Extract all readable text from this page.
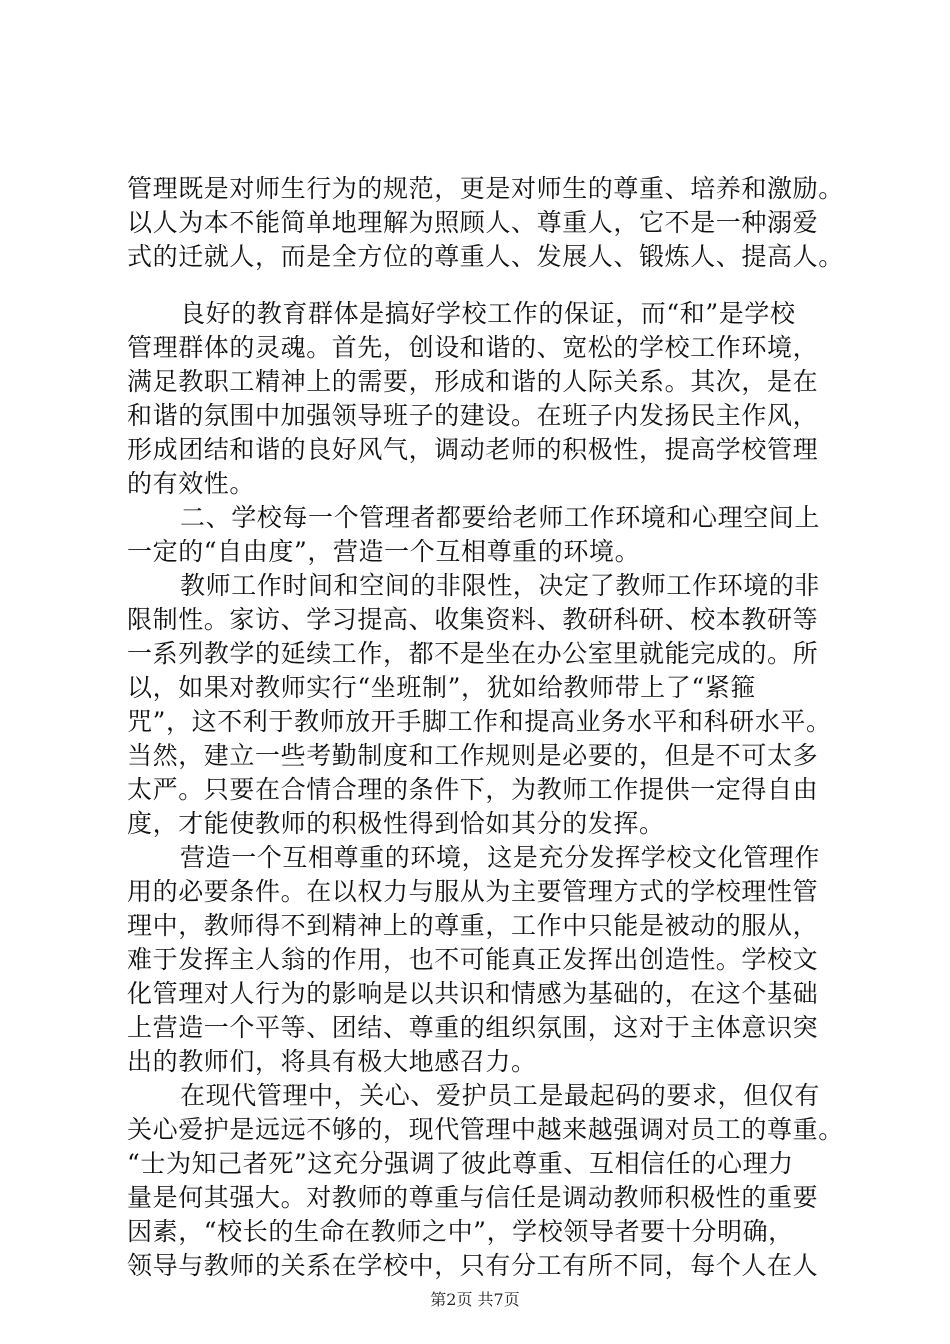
管理既是对师生行为的规范，更是对师生的尊重、培养和激励。
以人为本不能简单地理解为照顾人、尊重人，它不是一种溺爱
式的迁就人，而是全方位的尊重人、发展人、锻炼人、提高人。
良好的教育群体是搞好学校工作的保证，而“和”是学校
管理群体的灵魂。首先，创设和谐的、宽松的学校工作环境，
满足教职工精神上的需要，形成和谐的人际关系。其次，是在
和谐的氛围中加强领导班子的建设。在班子内发扬民主作风，
形成团结和谐的良好风气，调动老师的积极性，提高学校管理
的有效性。
二、学校每一个管理者都要给老师工作环境和心理空间上
一定的“自由度”，营造一个互相尊重的环境。
教师工作时间和空间的非限性，决定了教师工作环境的非
限制性。家访、学习提高、收集资料、教研科研、校本教研等
一系列教学的延续工作，都不是坐在办公室里就能完成的。所
以，如果对教师实行“坐班制”，犹如给教师带上了“紧箍
咒”，这不利于教师放开手脚工作和提高业务水平和科研水平。
当然，建立一些考勤制度和工作规则是必要的，但是不可太多
太严。只要在合情合理的条件下，为教师工作提供一定得自由
度，才能使教师的积极性得到恰如其分的发挥。
营造一个互相尊重的环境，这是充分发挥学校文化管理作
用的必要条件。在以权力与服从为主要管理方式的学校理性管
理中，教师得不到精神上的尊重，工作中只能是被动的服从，
难于发挥主人翁的作用，也不可能真正发挥出创造性。学校文
化管理对人行为的影响是以共识和情感为基础的，在这个基础
上营造一个平等、团结、尊重的组织氛围，这对于主体意识突
出的教师们，将具有极大地感召力。
在现代管理中，关心、爱护员工是最起码的要求，但仅有
关心爱护是远远不够的，现代管理中越来越强调对员工的尊重。
“士为知己者死”这充分强调了彼此尊重、互相信任的心理力
量是何其强大。对教师的尊重与信任是调动教师积极性的重要
因素，“校长的生命在教师之中”，学校领导者要十分明确，
领导与教师的关系在学校中，只有分工有所不同，每个人在人
第2页 共7页
